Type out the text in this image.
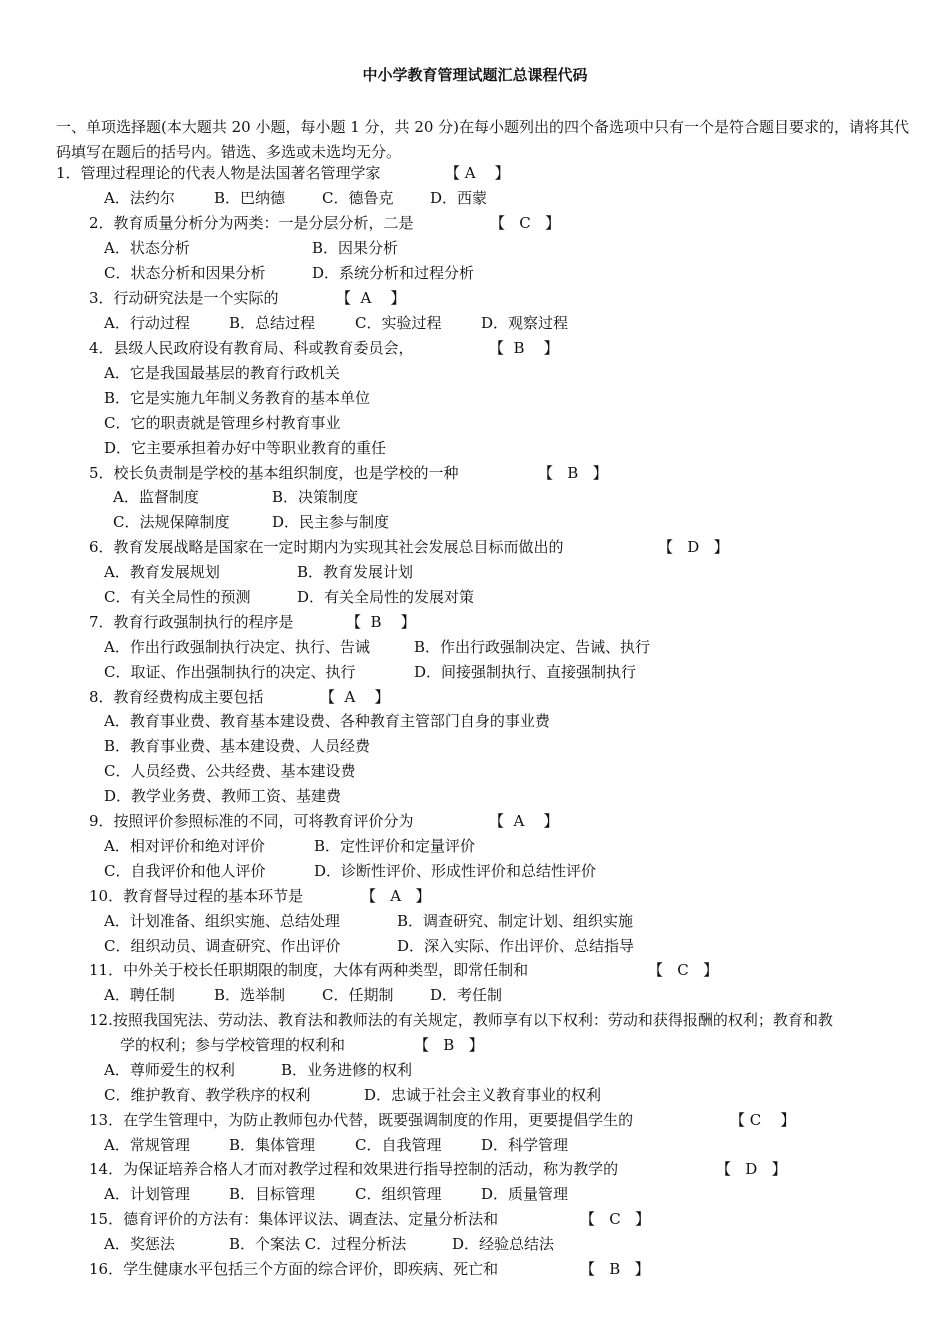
中小学教育管理试题汇总课程代码
一、单项选择题(本大题共 20 小题，每小题 1 分，共 20 分)在每小题列出的四个备选项中只有一个是符合题目要求的，请将其代码填写在题后的括号内。错选、多选或未选均无分。
1．管理过程理论的代表人物是法国著名管理学家	【 A    】
A．法约尔	B．巴纳德 C．德鲁克 D．西蒙
2．教育质量分析分为两类：一是分层分析，二是	【   C   】
A．状态分析	B．因果分析
C．状态分析和因果分析	D．系统分析和过程分析
3．行动研究法是一个实际的	【  A    】
A．行动过程	B．总结过程	C．实验过程	D．观察过程
4．县级人民政府设有教育局、科或教育委员会，	【  B    】
A．它是我国最基层的教育行政机关
B．它是实施九年制义务教育的基本单位
C．它的职责就是管理乡村教育事业
D．它主要承担着办好中等职业教育的重任
5．校长负责制是学校的基本组织制度，也是学校的一种	【   B   】
A．监督制度	B．决策制度
C．法规保障制度	D．民主参与制度
6．教育发展战略是国家在一定时期内为实现其社会发展总目标而做出的	【   D   】
A．教育发展规划	B．教育发展计划
C．有关全局性的预测	D．有关全局性的发展对策
7．教育行政强制执行的程序是	【  B    】
A．作出行政强制执行决定、执行、告诫	B．作出行政强制决定、告诫、执行
C．取证、作出强制执行的决定、执行	D．间接强制执行、直接强制执行
8．教育经费构成主要包括	【  A    】
A．教育事业费、教育基本建设费、各种教育主管部门自身的事业费
B．教育事业费、基本建设费、人员经费
C．人员经费、公共经费、基本建设费
D．教学业务费、教师工资、基建费
9．按照评价参照标准的不同，可将教育评价分为	【  A    】
A．相对评价和绝对评价	B．定性评价和定量评价
C．自我评价和他人评价	D．诊断性评价、形成性评价和总结性评价
10．教育督导过程的基本环节是	【   A   】
A．计划准备、组织实施、总结处理	B．调查研究、制定计划、组织实施
C．组织动员、调查研究、作出评价	D．深入实际、作出评价、总结指导
11．中外关于校长任职期限的制度，大体有两种类型，即常任制和	【   C   】
A．聘任制	B．选举制 C．任期制 D．考任制
12.按照我国宪法、劳动法、教育法和教师法的有关规定，教师享有以下权利：劳动和获得报酬的权利；教育和教
学的权利；参与学校管理的权利和	【   B   】
A．尊师爱生的权利	B．业务进修的权利
C．维护教育、教学秩序的权利	D．忠诚于社会主义教育事业的权利
13．在学生管理中，为防止教师包办代替，既要强调制度的作用，更要提倡学生的	【 C    】
A．常规管理	B．集体管理	C．自我管理	D．科学管理
14．为保证培养合格人才而对教学过程和效果进行指导控制的活动，称为教学的	【   D   】
A．计划管理	B．目标管理	C．组织管理	D．质量管理
15．德育评价的方法有：集体评议法、调查法、定量分析法和	【   C   】
A．奖惩法	B．个案法 C．过程分析法	D．经验总结法
16．学生健康水平包括三个方面的综合评价，即疾病、死亡和	【   B   】
